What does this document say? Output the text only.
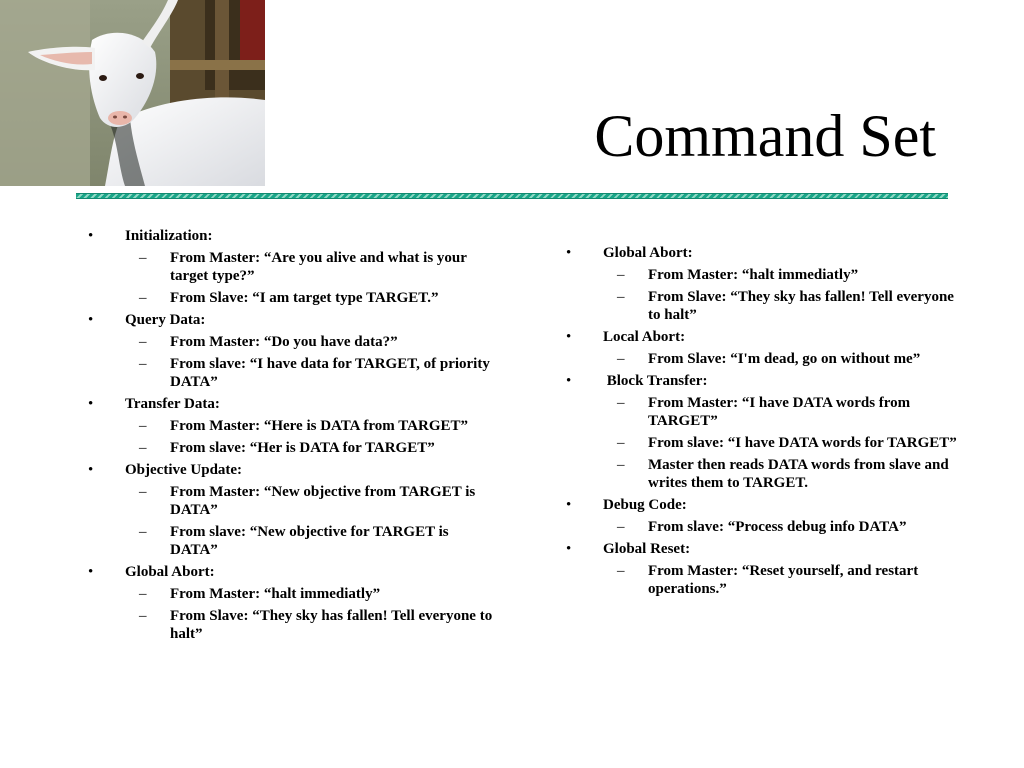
Command Set
• Initialization:
– From Master: “Are you alive and what is your target type?”
– From Slave: “I am target type TARGET.”
• Query Data:
– From Master: “Do you have data?”
– From slave: “I have data for TARGET, of priority DATA”
• Transfer Data:
– From Master: “Here is DATA from TARGET”
– From slave: “Her is DATA for TARGET”
• Objective Update:
– From Master: “New objective from TARGET is DATA”
– From slave: “New objective for TARGET is DATA”
• Global Abort:
– From Master: “halt immediatly”
– From Slave: “They sky has fallen! Tell everyone to halt”
• Global Abort:
– From Master: “halt immediatly”
– From Slave: “They sky has fallen! Tell everyone to halt”
• Local Abort:
– From Slave: “I'm dead, go on without me”
• Block Transfer:
– From Master: “I have DATA words from TARGET”
– From slave: “I have DATA words for TARGET”
– Master then reads DATA words from slave and writes them to TARGET.
• Debug Code:
– From slave: “Process debug info DATA”
• Global Reset:
– From Master: “Reset yourself, and restart operations.”
